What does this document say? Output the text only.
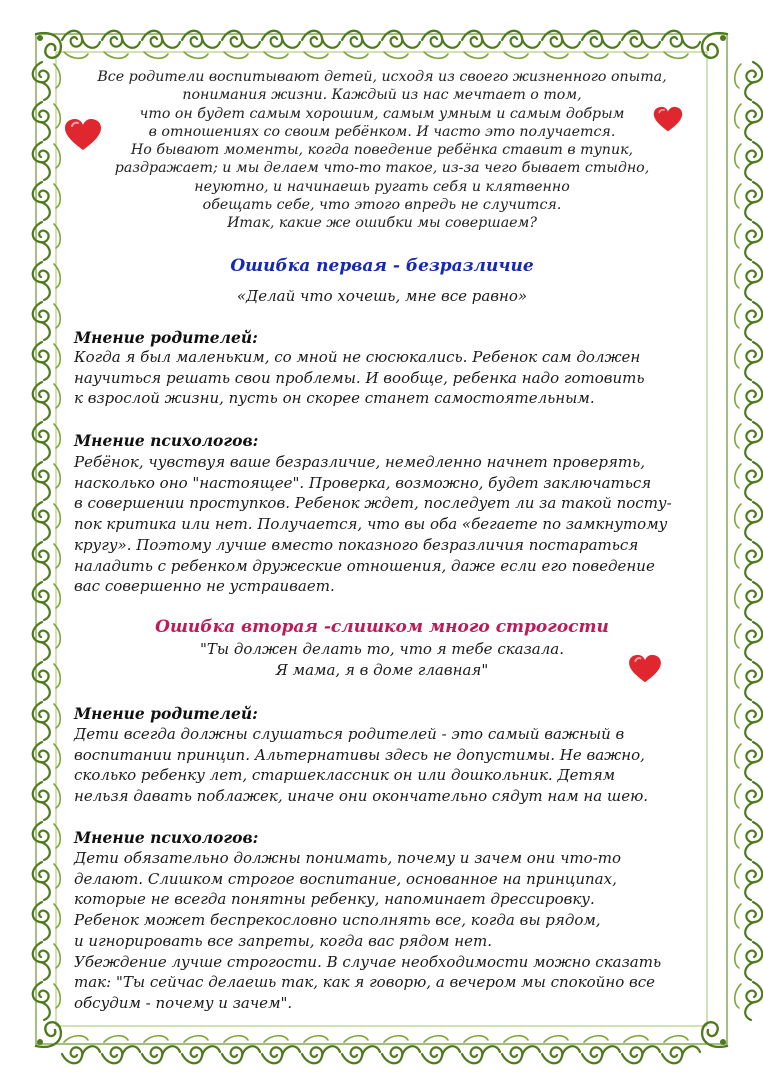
Все родители воспитывают детей, исходя из своего жизненного опыта,
понимания жизни. Каждый из нас мечтает о том,
что он будет самым хорошим, самым умным и самым добрым
в отношениях со своим ребёнком. И часто это получается.
Но бывают моменты, когда поведение ребёнка ставит в тупик,
раздражает; и мы делаем что-то такое, из-за чего бывает стыдно,
неуютно, и начинаешь ругать себя и клятвенно
обещать себе, что этого впредь не случится.
Итак, какие же ошибки мы совершаем?
Ошибка первая - безразличие
«Делай что хочешь, мне все равно»
Мнение родителей:
Когда я был маленьким, со мной не сюсюкались. Ребенок сам должен
научиться решать свои проблемы. И вообще, ребенка надо готовить
к взрослой жизни, пусть он скорее станет самостоятельным.
Мнение психологов:
Ребёнок, чувствуя ваше безразличие, немедленно начнет проверять,
насколько оно "настоящее". Проверка, возможно, будет заключаться
в совершении проступков. Ребенок ждет, последует ли за такой посту-
пок критика или нет. Получается, что вы оба «бегаете по замкнутому
кругу». Поэтому лучше вместо показного безразличия постараться
наладить с ребенком дружеские отношения, даже если его поведение
вас совершенно не устраивает.
Ошибка вторая -слишком много строгости
"Ты должен делать то, что я тебе сказала.
Я мама, я в доме главная"
Мнение родителей:
Дети всегда должны слушаться родителей - это самый важный в
воспитании принцип. Альтернативы здесь не допустимы. Не важно,
сколько ребенку лет, старшеклассник он или дошкольник. Детям
нельзя давать поблажек, иначе они окончательно сядут нам на шею.
Мнение психологов:
Дети обязательно должны понимать, почему и зачем они что-то
делают. Слишком строгое воспитание, основанное на принципах,
которые не всегда понятны ребенку, напоминает дрессировку.
Ребенок может беспрекословно исполнять все, когда вы рядом,
и игнорировать все запреты, когда вас рядом нет.
Убеждение лучше строгости. В случае необходимости можно сказать
так: "Ты сейчас делаешь так, как я говорю, а вечером мы спокойно все
обсудим - почему и зачем".
